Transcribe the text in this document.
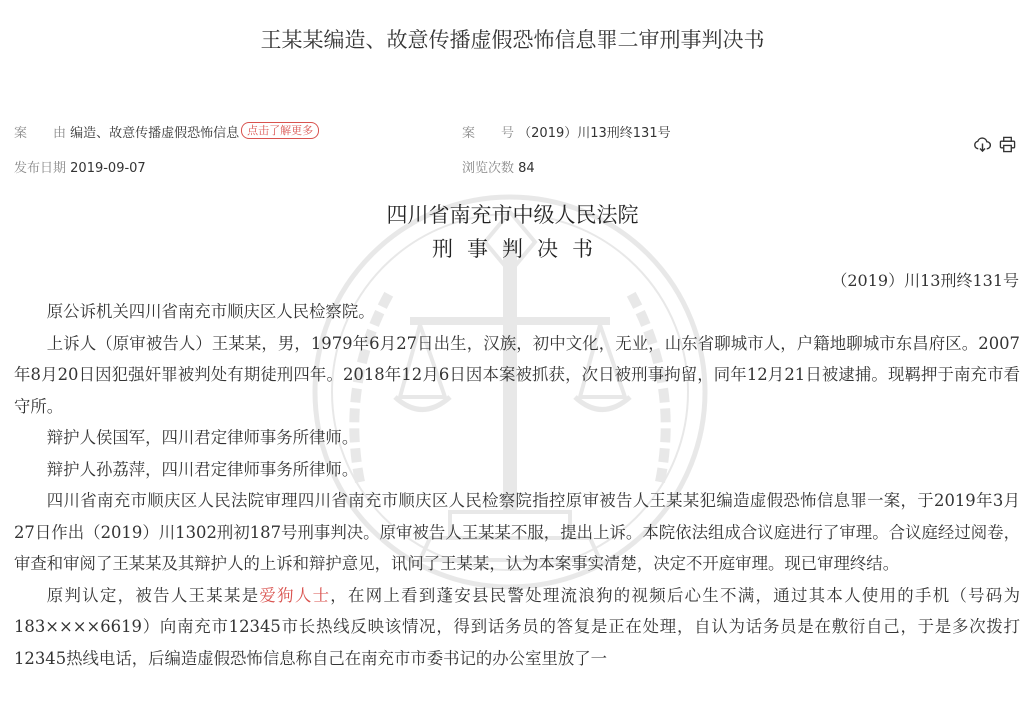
王某某编造、故意传播虚假恐怖信息罪二审刑事判决书
案　　由 编造、故意传播虚假恐怖信息 点击了解更多	案　　号 （2019）川13刑终131号
发布日期 2019-09-07	浏览次数 84
四川省南充市中级人民法院
刑事判决书
（2019）川13刑终131号

原公诉机关四川省南充市顺庆区人民检察院。

上诉人（原审被告人）王某某，男，1979年6月27日出生，汉族，初中文化，无业，山东省聊城市人，户籍地聊城市东昌府区。2007年8月20日因犯强奸罪被判处有期徒刑四年。2018年12月6日因本案被抓获，次日被刑事拘留，同年12月21日被逮捕。现羁押于南充市看守所。

辩护人侯国军，四川君定律师事务所律师。

辩护人孙荔萍，四川君定律师事务所律师。

四川省南充市顺庆区人民法院审理四川省南充市顺庆区人民检察院指控原审被告人王某某犯编造虚假恐怖信息罪一案，于2019年3月27日作出（2019）川1302刑初187号刑事判决。原审被告人王某某不服，提出上诉。本院依法组成合议庭进行了审理。合议庭经过阅卷，审查和审阅了王某某及其辩护人的上诉和辩护意见，讯问了王某某，认为本案事实清楚，决定不开庭审理。现已审理终结。

原判认定，被告人王某某是爱狗人士，在网上看到蓬安县民警处理流浪狗的视频后心生不满，通过其本人使用的手机（号码为183××××6619）向南充市12345市长热线反映该情况，得到话务员的答复是正在处理，自认为话务员是在敷衍自己，于是多次拨打12345热线电话，后编造虚假恐怖信息称自己在南充市市委书记的办公室里放了一
